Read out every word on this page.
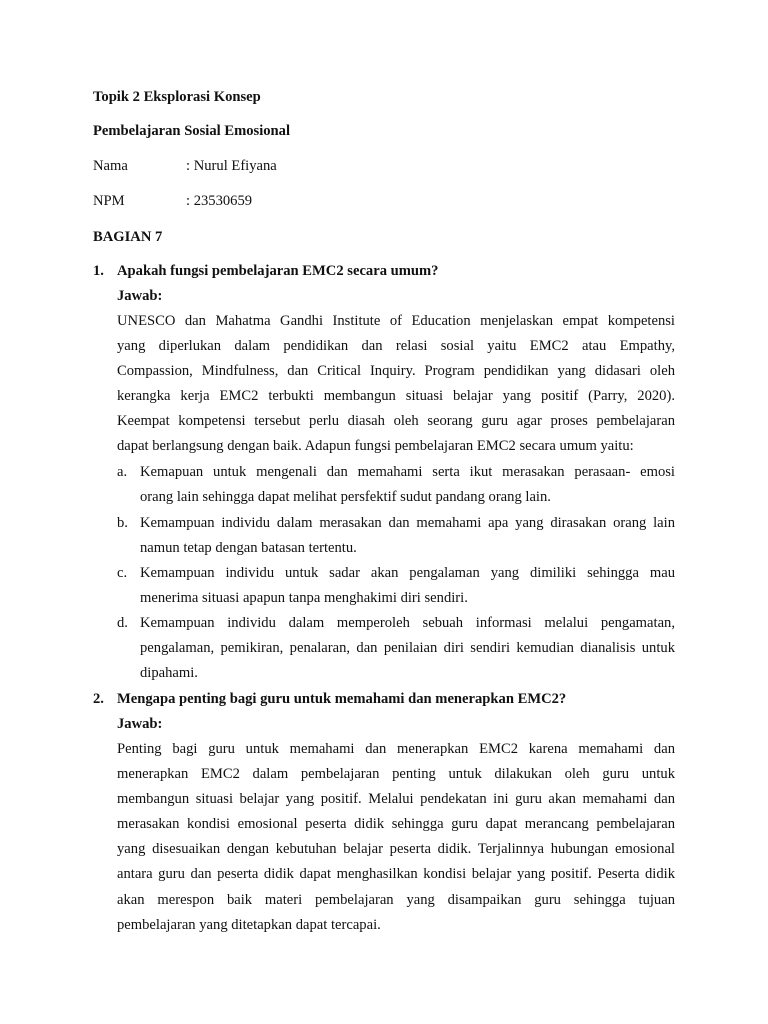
Topik 2 Eksplorasi Konsep
Pembelajaran Sosial Emosional
Nama	: Nurul Efiyana
NPM	: 23530659
BAGIAN 7
1. Apakah fungsi pembelajaran EMC2 secara umum?
Jawab:
UNESCO dan Mahatma Gandhi Institute of Education menjelaskan empat kompetensi
yang diperlukan dalam pendidikan dan relasi sosial yaitu EMC2 atau Empathy,
Compassion, Mindfulness, dan Critical Inquiry. Program pendidikan yang didasari oleh
kerangka kerja EMC2 terbukti membangun situasi belajar yang positif (Parry, 2020).
Keempat kompetensi tersebut perlu diasah oleh seorang guru agar proses pembelajaran
dapat berlangsung dengan baik. Adapun fungsi pembelajaran EMC2 secara umum yaitu:
a. Kemapuan untuk mengenali dan memahami serta ikut merasakan perasaan- emosi
orang lain sehingga dapat melihat persfektif sudut pandang orang lain.
b. Kemampuan individu dalam merasakan dan memahami apa yang dirasakan orang lain
namun tetap dengan batasan tertentu.
c. Kemampuan individu untuk sadar akan pengalaman yang dimiliki sehingga mau
menerima situasi apapun tanpa menghakimi diri sendiri.
d. Kemampuan individu dalam memperoleh sebuah informasi melalui pengamatan,
pengalaman, pemikiran, penalaran, dan penilaian diri sendiri kemudian dianalisis untuk
dipahami.
2. Mengapa penting bagi guru untuk memahami dan menerapkan EMC2?
Jawab:
Penting bagi guru untuk memahami dan menerapkan EMC2 karena memahami dan
menerapkan EMC2 dalam pembelajaran penting untuk dilakukan oleh guru untuk
membangun situasi belajar yang positif. Melalui pendekatan ini guru akan memahami dan
merasakan kondisi emosional peserta didik sehingga guru dapat merancang pembelajaran
yang disesuaikan dengan kebutuhan belajar peserta didik. Terjalinnya hubungan emosional
antara guru dan peserta didik dapat menghasilkan kondisi belajar yang positif. Peserta didik
akan merespon baik materi pembelajaran yang disampaikan guru sehingga tujuan
pembelajaran yang ditetapkan dapat tercapai.
